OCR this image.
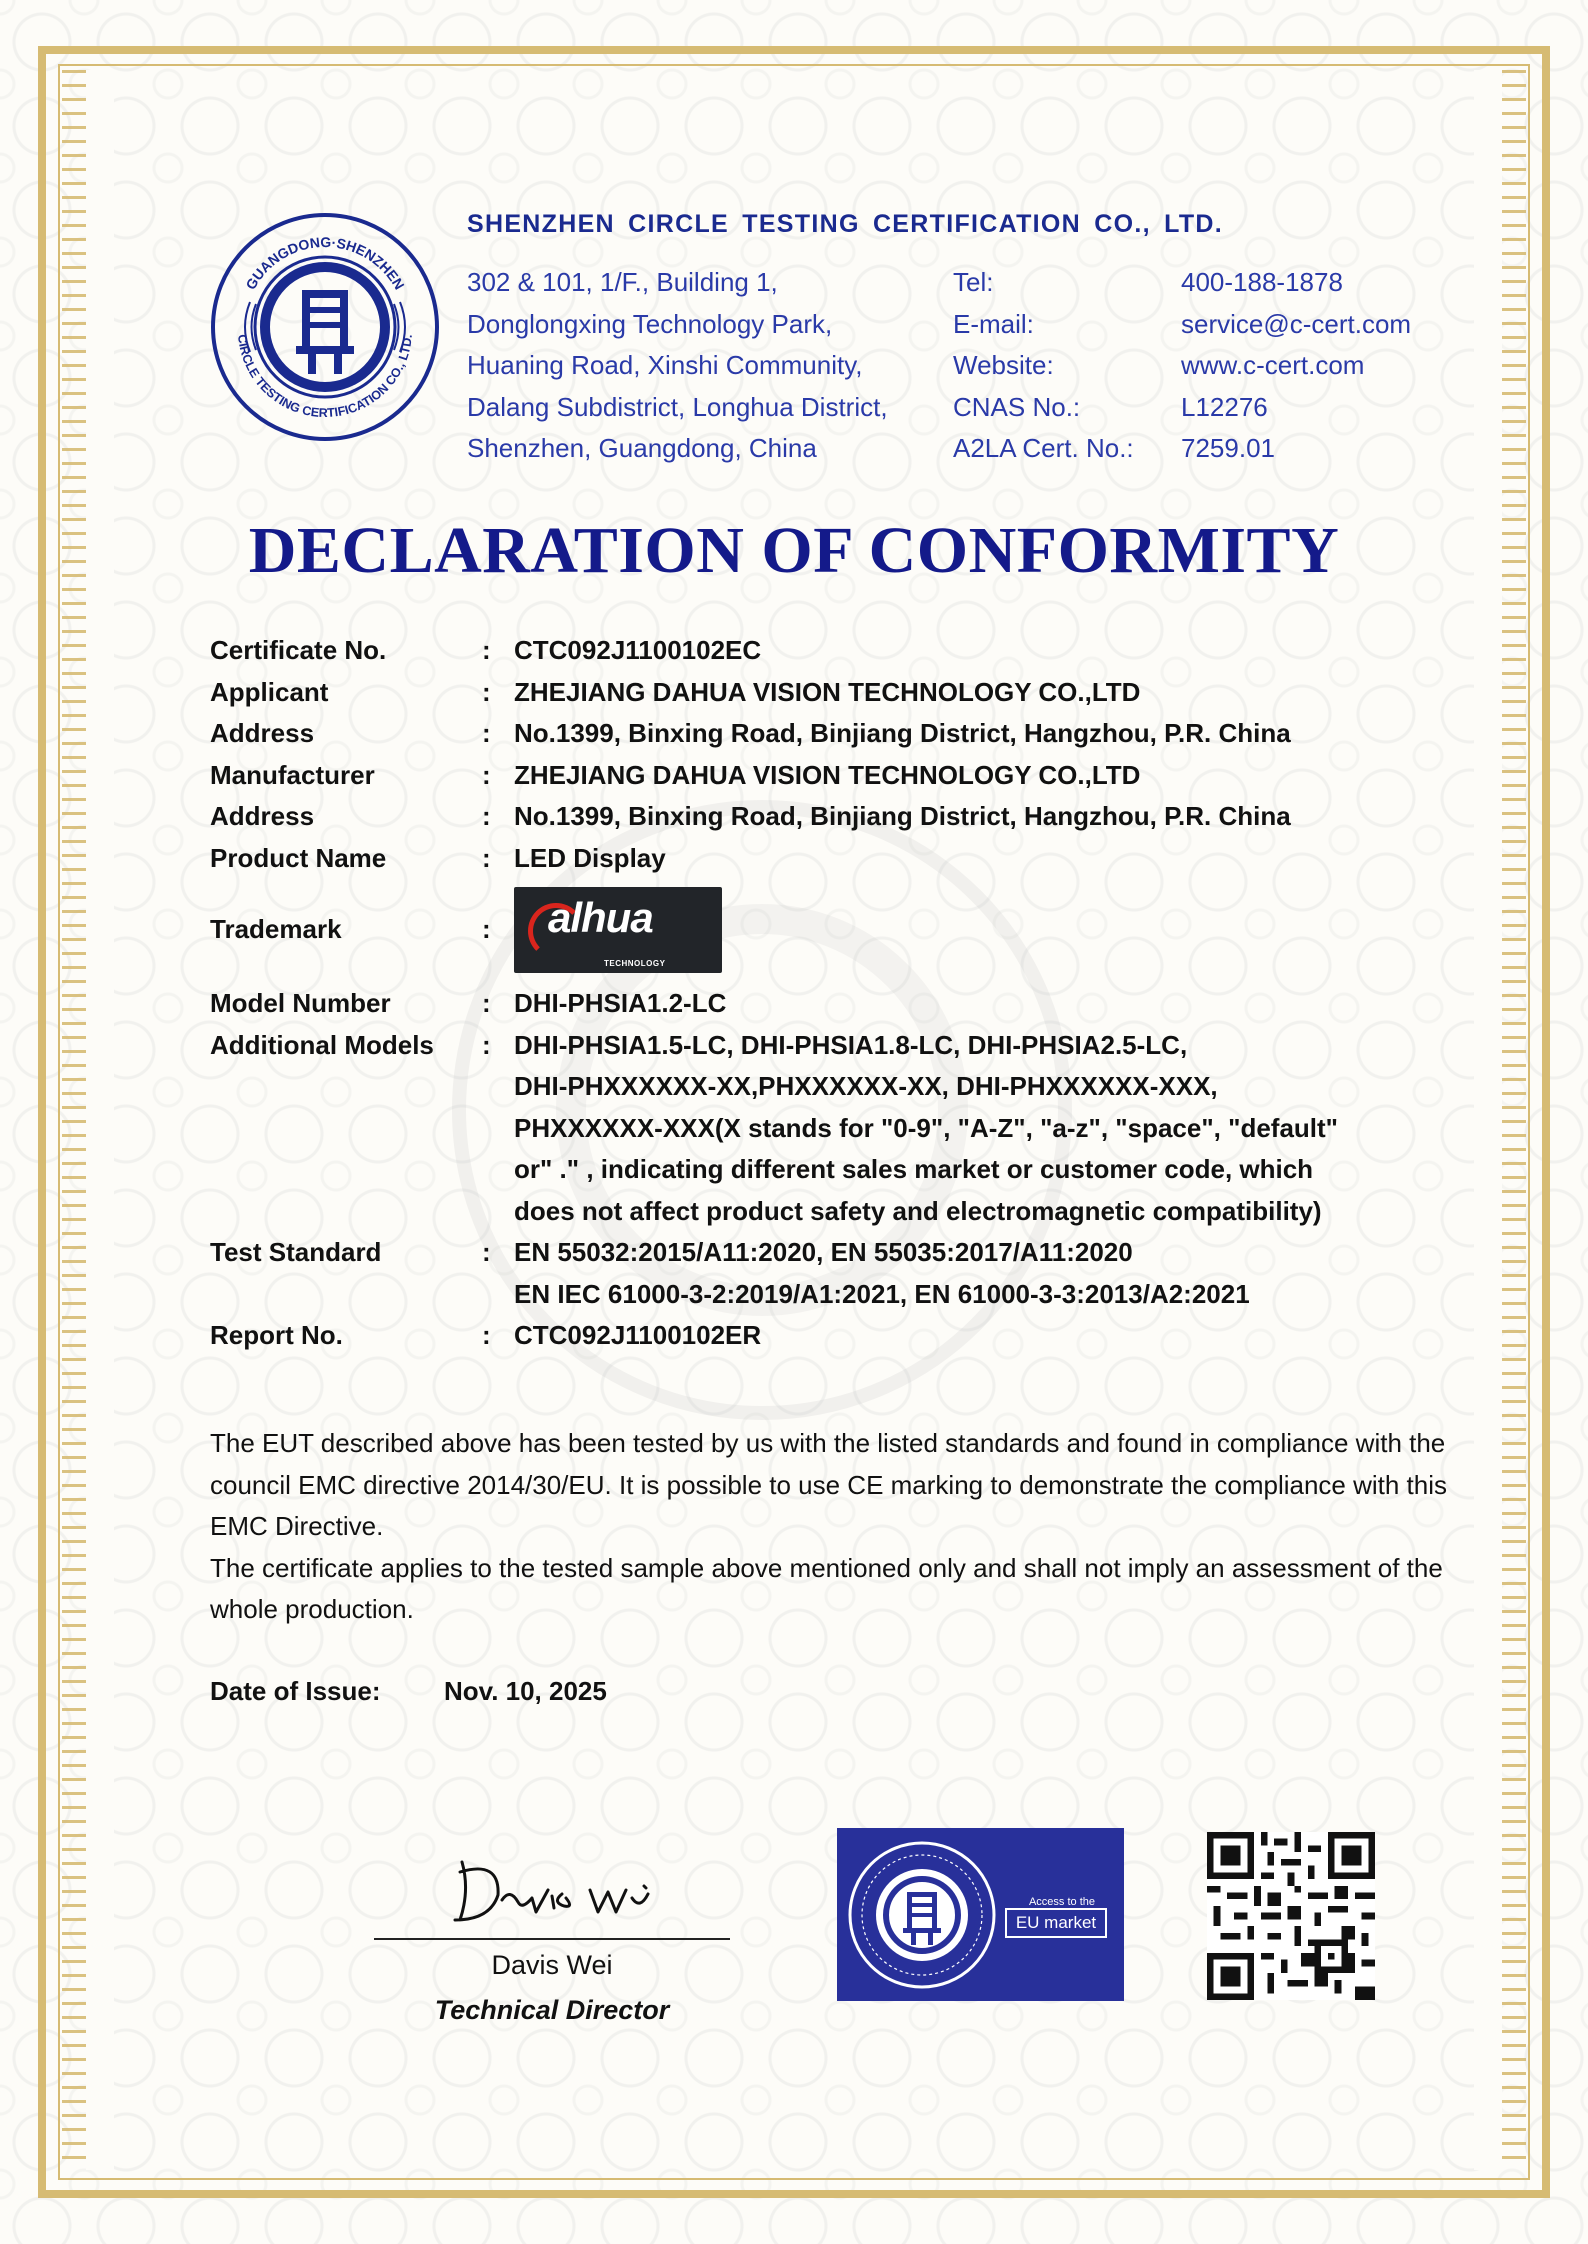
GUANGDONG·SHENZHEN
CIRCLE TESTING CERTIFICATION CO., LTD.
SHENZHEN CIRCLE TESTING CERTIFICATION CO., LTD.
302 & 101, 1/F., Building 1,
Donglongxing Technology Park,
Huaning Road, Xinshi Community,
Dalang Subdistrict, Longhua District,
Shenzhen, Guangdong, China
Tel:	400-188-1878
E-mail:	service@c-cert.com
Website:	www.c-cert.com
CNAS No.:	L12276
A2LA Cert. No.:	7259.01
DECLARATION OF CONFORMITY
Certificate No.	: CTC092J1100102EC
Applicant	: ZHEJIANG DAHUA VISION TECHNOLOGY CO.,LTD
Address	: No.1399, Binxing Road, Binjiang District, Hangzhou, P.R. China
Manufacturer	: ZHEJIANG DAHUA VISION TECHNOLOGY CO.,LTD
Address	: No.1399, Binxing Road, Binjiang District, Hangzhou, P.R. China
Product Name	: LED Display
Trademark	:	alhua
TECHNOLOGY
Model Number	: DHI-PHSIA1.2-LC
Additional Models	: DHI-PHSIA1.5-LC, DHI-PHSIA1.8-LC, DHI-PHSIA2.5-LC,
DHI-PHXXXXXX-XX,PHXXXXXX-XX, DHI-PHXXXXXX-XXX,
PHXXXXXX-XXX(X stands for "0-9", "A-Z", "a-z", "space", "default"
or" ." , indicating different sales market or customer code, which
does not affect product safety and electromagnetic compatibility)
Test Standard	: EN 55032:2015/A11:2020, EN 55035:2017/A11:2020
EN IEC 61000-3-2:2019/A1:2021, EN 61000-3-3:2013/A2:2021
Report No.	: CTC092J1100102ER

The EUT described above has been tested by us with the listed standards and found in compliance with the council EMC directive 2014/30/EU. It is possible to use CE marking to demonstrate the compliance with this EMC Directive.

The certificate applies to the tested sample above mentioned only and shall not imply an assessment of the whole production.

Date of Issue:	Nov. 10, 2025
Davis Wei
Technical Director
Access to the
EU market
